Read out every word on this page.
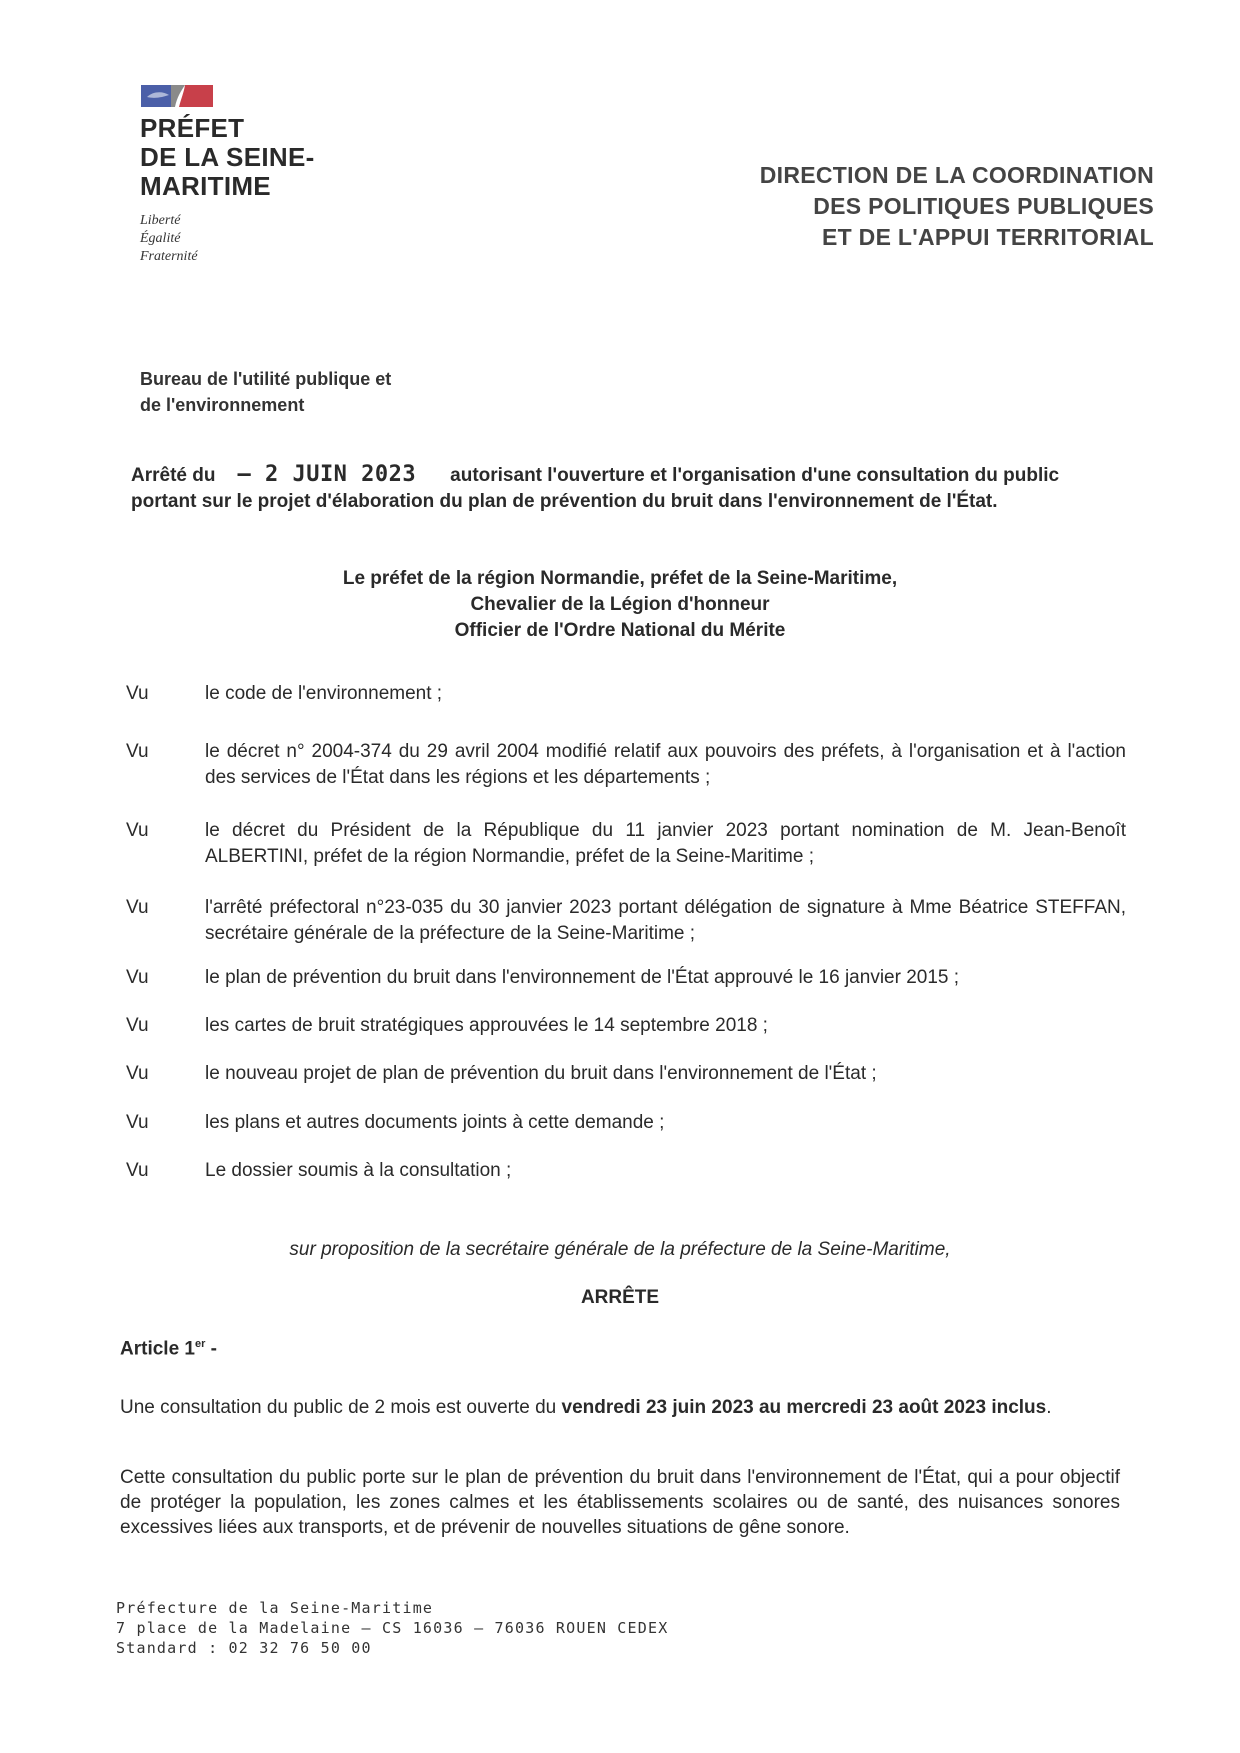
PRÉFET
DE LA SEINE-
MARITIME
Liberté
Égalité
Fraternité
DIRECTION DE LA COORDINATION
DES POLITIQUES PUBLIQUES
ET DE L'APPUI TERRITORIAL
Bureau de l'utilité publique et
de l'environnement
Arrêté du – 2 JUIN 2023 autorisant l'ouverture et l'organisation d'une consultation du public
portant sur le projet d'élaboration du plan de prévention du bruit dans l'environnement de l'État.
Le préfet de la région Normandie, préfet de la Seine-Maritime,
Chevalier de la Légion d'honneur
Officier de l'Ordre National du Mérite
Vu	le code de l'environnement ;
Vu	le décret n° 2004-374 du 29 avril 2004 modifié relatif aux pouvoirs des préfets, à l'organisation et à l'action des services de l'État dans les régions et les départements ;
Vu	le décret du Président de la République du 11 janvier 2023 portant nomination de M. Jean-Benoît ALBERTINI, préfet de la région Normandie, préfet de la Seine-Maritime ;
Vu	l'arrêté préfectoral n°23-035 du 30 janvier 2023 portant délégation de signature à Mme Béatrice STEFFAN, secrétaire générale de la préfecture de la Seine-Maritime ;
Vu	le plan de prévention du bruit dans l'environnement de l'État approuvé le 16 janvier 2015 ;
Vu	les cartes de bruit stratégiques approuvées le 14 septembre 2018 ;
Vu	le nouveau projet de plan de prévention du bruit dans l'environnement de l'État ;
Vu	les plans et autres documents joints à cette demande ;
Vu	Le dossier soumis à la consultation ;
sur proposition de la secrétaire générale de la préfecture de la Seine-Maritime,
ARRÊTE
Article 1er -
Une consultation du public de 2 mois est ouverte du vendredi 23 juin 2023 au mercredi 23 août 2023 inclus.
Cette consultation du public porte sur le plan de prévention du bruit dans l'environnement de l'État, qui a pour objectif de protéger la population, les zones calmes et les établissements scolaires ou de santé, des nuisances sonores excessives liées aux transports, et de prévenir de nouvelles situations de gêne sonore.
Préfecture de la Seine-Maritime
7 place de la Madelaine – CS 16036 – 76036 ROUEN CEDEX
Standard : 02 32 76 50 00
